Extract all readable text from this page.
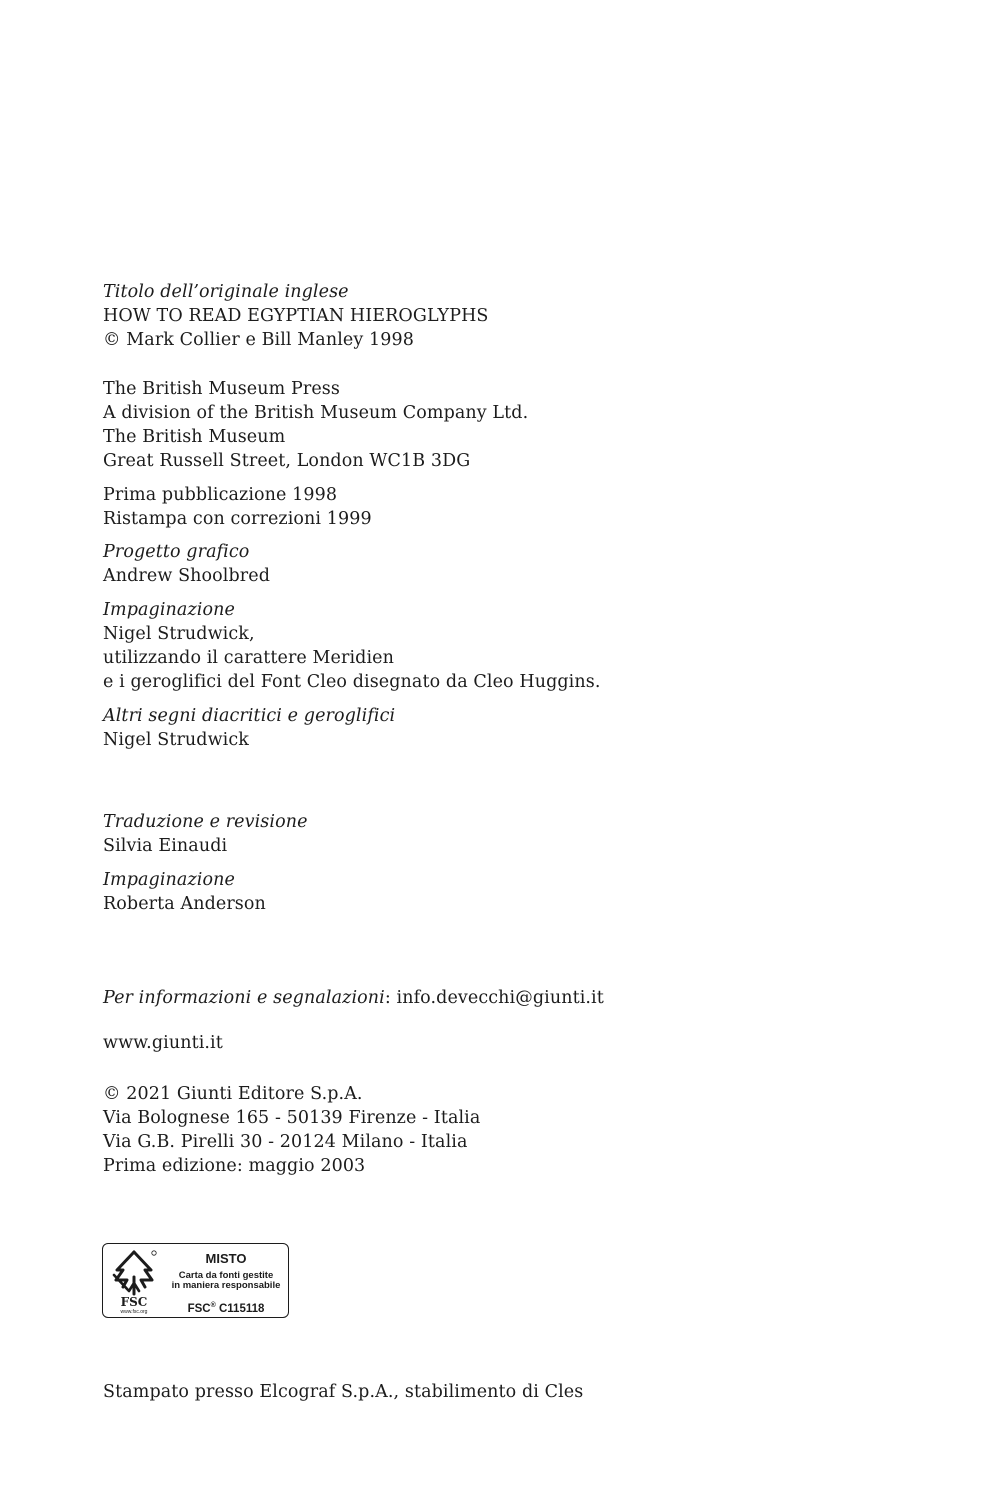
Titolo dell’originale inglese
HOW TO READ EGYPTIAN HIEROGLYPHS
© Mark Collier e Bill Manley 1998
The British Museum Press
A division of the British Museum Company Ltd.
The British Museum
Great Russell Street, London WC1B 3DG
Prima pubblicazione 1998
Ristampa con correzioni 1999
Progetto grafico
Andrew Shoolbred
Impaginazione
Nigel Strudwick,
utilizzando il carattere Meridien
e i geroglifici del Font Cleo disegnato da Cleo Huggins.
Altri segni diacritici e geroglifici
Nigel Strudwick
Traduzione e revisione
Silvia Einaudi
Impaginazione
Roberta Anderson
Per informazioni e segnalazioni: info.devecchi@giunti.it
www.giunti.it
© 2021 Giunti Editore S.p.A.
Via Bolognese 165 - 50139 Firenze - Italia
Via G.B. Pirelli 30 - 20124 Milano - Italia
Prima edizione: maggio 2003
FSC
www.fsc.org
MISTO
Carta da fonti gestite
in maniera responsabile
FSC® C115118
Stampato presso Elcograf S.p.A., stabilimento di Cles
